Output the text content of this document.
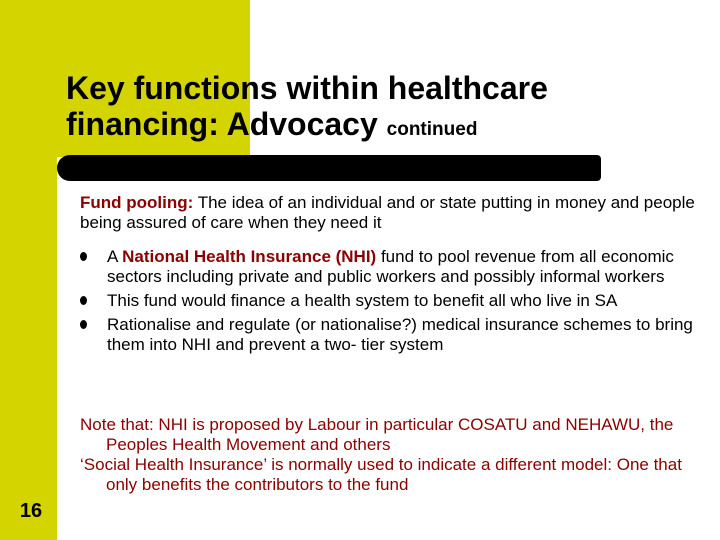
Key functions within healthcare
financing: Advocacy continued

Fund pooling: The idea of an individual and or state putting in money and people being assured of care when they need it

A National Health Insurance (NHI) fund to pool revenue from all economic sectors including private and public workers and possibly informal workers
This fund would finance a health system to benefit all who live in SA
Rationalise and regulate (or nationalise?) medical insurance schemes to bring them into NHI and prevent a two- tier system

Note that: NHI is proposed by Labour in particular COSATU and NEHAWU, the Peoples Health Movement and others

‘Social Health Insurance’ is normally used to indicate a different model: One that only benefits the contributors to the fund

16
